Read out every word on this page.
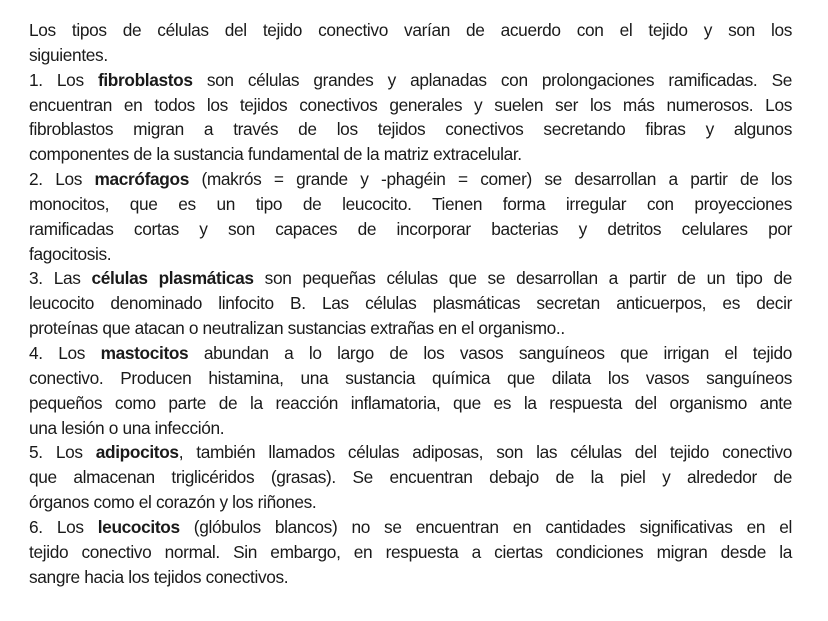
Los tipos de células del tejido conectivo varían de acuerdo con el tejido y son los
siguientes.
1. Los fibroblastos son células grandes y aplanadas con prolongaciones ramificadas. Se
encuentran en todos los tejidos conectivos generales y suelen ser los más numerosos. Los
fibroblastos migran a través de los tejidos conectivos secretando fibras y algunos
componentes de la sustancia fundamental de la matriz extracelular.
2. Los macrófagos (makrós = grande y -phagéin = comer) se desarrollan a partir de los
monocitos, que es un tipo de leucocito. Tienen forma irregular con proyecciones
ramificadas cortas y son capaces de incorporar bacterias y detritos celulares por
fagocitosis.
3. Las células plasmáticas son pequeñas células que se desarrollan a partir de un tipo de
leucocito denominado linfocito B. Las células plasmáticas secretan anticuerpos, es decir
proteínas que atacan o neutralizan sustancias extrañas en el organismo..
4. Los mastocitos abundan a lo largo de los vasos sanguíneos que irrigan el tejido
conectivo. Producen histamina, una sustancia química que dilata los vasos sanguíneos
pequeños como parte de la reacción inflamatoria, que es la respuesta del organismo ante
una lesión o una infección.
5. Los adipocitos, también llamados células adiposas, son las células del tejido conectivo
que almacenan triglicéridos (grasas). Se encuentran debajo de la piel y alrededor de
órganos como el corazón y los riñones.
6. Los leucocitos (glóbulos blancos) no se encuentran en cantidades significativas en el
tejido conectivo normal. Sin embargo, en respuesta a ciertas condiciones migran desde la
sangre hacia los tejidos conectivos.
